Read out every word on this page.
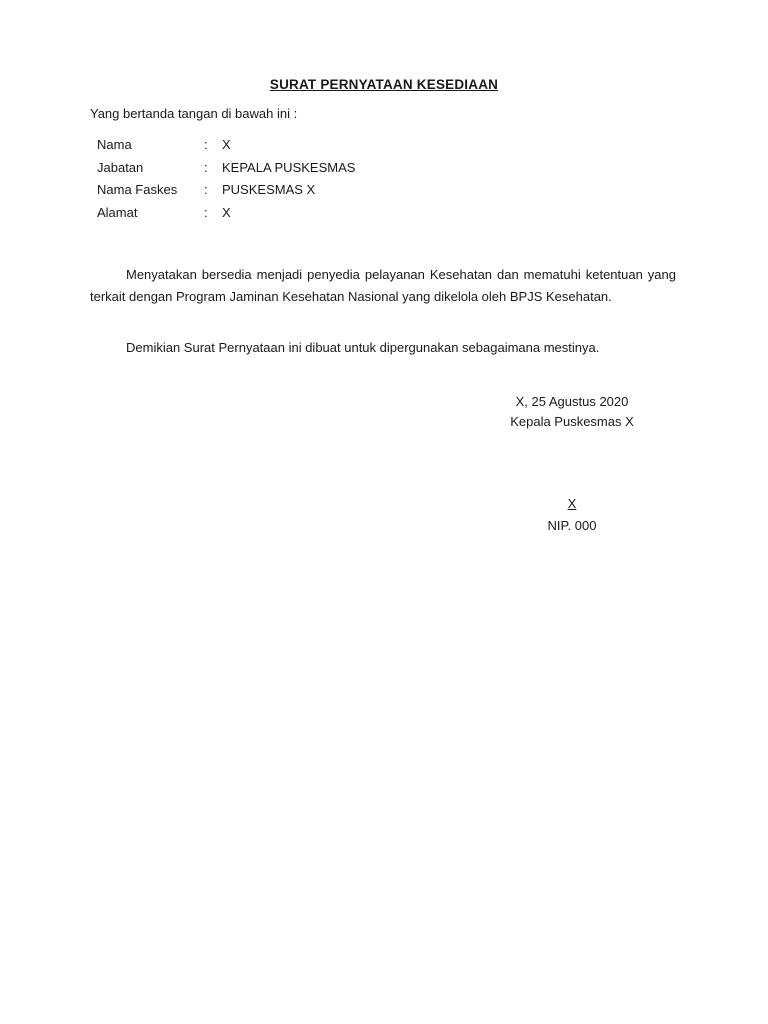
SURAT PERNYATAAN KESEDIAAN
Yang bertanda tangan di bawah ini :
Nama	: X
Jabatan	: KEPALA PUSKESMAS
Nama Faskes	: PUSKESMAS X
Alamat	: X
Menyatakan bersedia menjadi penyedia pelayanan Kesehatan dan mematuhi ketentuan yang terkait dengan Program Jaminan Kesehatan Nasional yang dikelola oleh BPJS Kesehatan.
Demikian Surat Pernyataan ini dibuat untuk dipergunakan sebagaimana mestinya.
X, 25 Agustus 2020
Kepala Puskesmas X
X
NIP. 000
